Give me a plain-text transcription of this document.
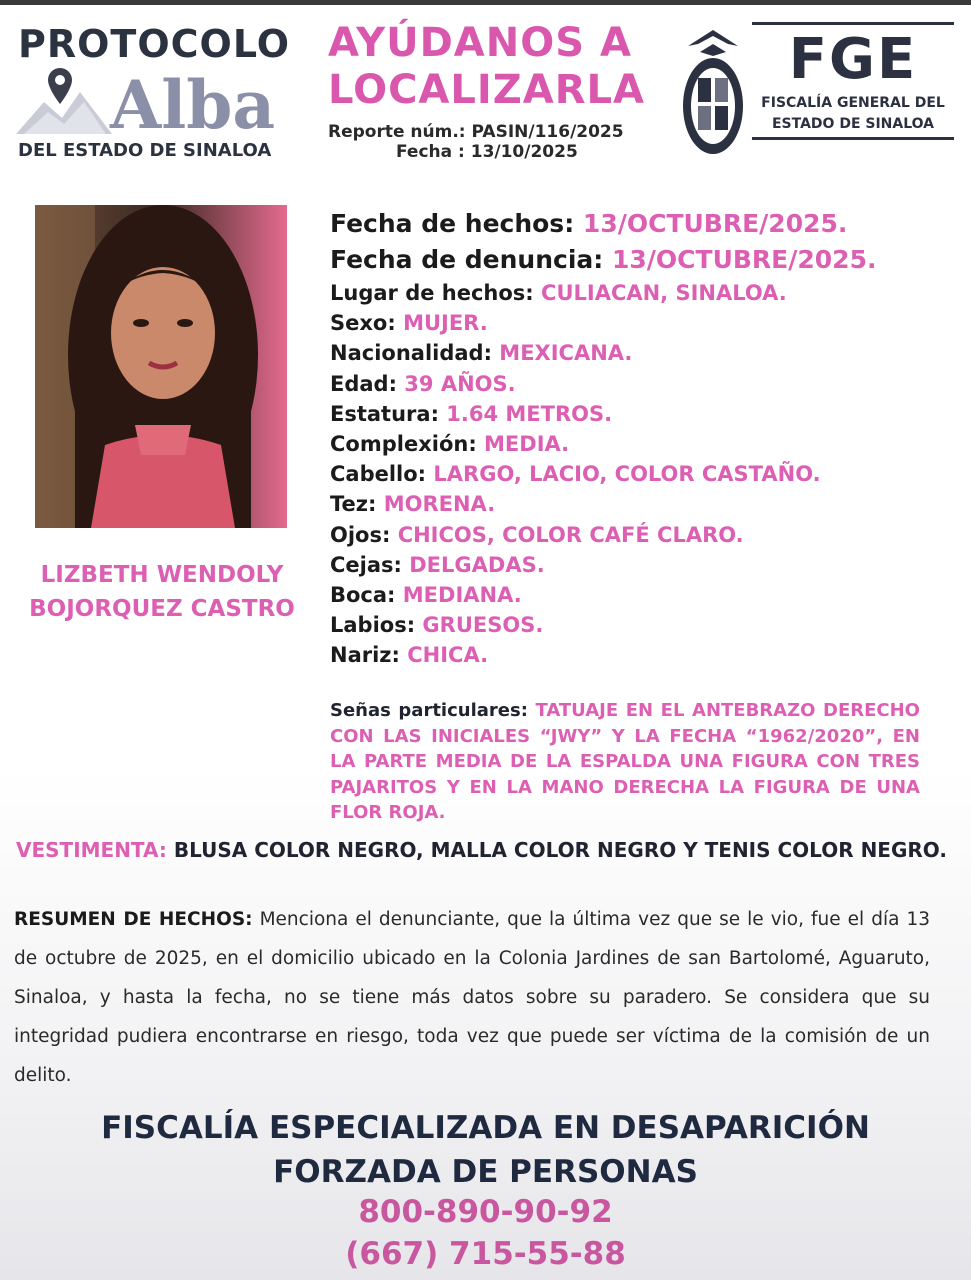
PROTOCOLO
Alba
DEL ESTADO DE SINALOA
AYÚDANOS A
LOCALIZARLA
Reporte núm.: PASIN/116/2025
Fecha : 13/10/2025
FGE
FISCALÍA GENERAL DEL
ESTADO DE SINALOA
LIZBETH WENDOLY
BOJORQUEZ CASTRO
Fecha de hechos: 13/OCTUBRE/2025.
Fecha de denuncia: 13/OCTUBRE/2025.
Lugar de hechos: CULIACAN, SINALOA.
Sexo: MUJER.
Nacionalidad: MEXICANA.
Edad: 39 AÑOS.
Estatura: 1.64 METROS.
Complexión: MEDIA.
Cabello: LARGO, LACIO, COLOR CASTAÑO.
Tez: MORENA.
Ojos: CHICOS, COLOR CAFÉ CLARO.
Cejas: DELGADAS.
Boca: MEDIANA.
Labios: GRUESOS.
Nariz: CHICA.
Señas particulares: TATUAJE EN EL ANTEBRAZO DERECHO CON LAS INICIALES “JWY” Y LA FECHA “1962/2020”, EN LA PARTE MEDIA DE LA ESPALDA UNA FIGURA CON TRES PAJARITOS Y EN LA MANO DERECHA LA FIGURA DE UNA FLOR ROJA.
VESTIMENTA: BLUSA COLOR NEGRO, MALLA COLOR NEGRO Y TENIS COLOR NEGRO.
RESUMEN DE HECHOS: Menciona el denunciante, que la última vez que se le vio, fue el día 13 de octubre de 2025, en el domicilio ubicado en la Colonia Jardines de san Bartolomé, Aguaruto, Sinaloa, y hasta la fecha, no se tiene más datos sobre su paradero. Se considera que su integridad pudiera encontrarse en riesgo, toda vez que puede ser víctima de la comisión de un delito.
FISCALÍA ESPECIALIZADA EN DESAPARICIÓN
FORZADA DE PERSONAS
800-890-90-92
(667) 715-55-88
